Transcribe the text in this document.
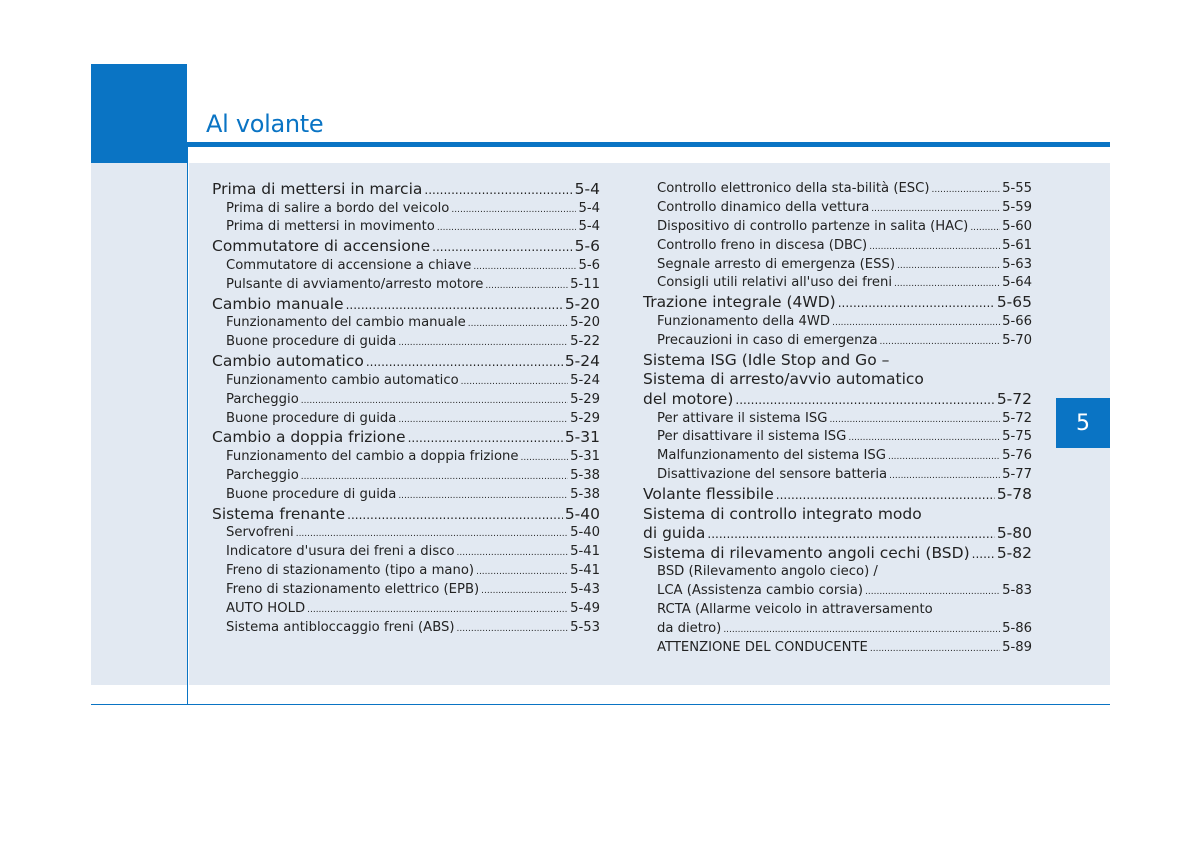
Al volante
5
Prima di mettersi in marcia .....	5-4
Prima di salire a bordo del veicolo .....	5-4
Prima di mettersi in movimento .....	5-4
Commutatore di accensione .....	5-6
Commutatore di accensione a chiave .....	5-6
Pulsante di avviamento/arresto motore .....	5-11
Cambio manuale .....	5-20
Funzionamento del cambio manuale .....	5-20
Buone procedure di guida .....	5-22
Cambio automatico .....	5-24
Funzionamento cambio automatico .....	5-24
Parcheggio .....	5-29
Buone procedure di guida .....	5-29
Cambio a doppia frizione .....	5-31
Funzionamento del cambio a doppia frizione .....	5-31
Parcheggio .....	5-38
Buone procedure di guida .....	5-38
Sistema frenante .....	5-40
Servofreni .....	5-40
Indicatore d'usura dei freni a disco .....	5-41
Freno di stazionamento (tipo a mano) .....	5-41
Freno di stazionamento elettrico (EPB) .....	5-43
AUTO HOLD .....	5-49
Sistema antibloccaggio freni (ABS) .....	5-53
Controllo elettronico della sta-bilità (ESC) .....	5-55
Controllo dinamico della vettura .....	5-59
Dispositivo di controllo partenze in salita (HAC) .....	5-60
Controllo freno in discesa (DBC) .....	5-61
Segnale arresto di emergenza (ESS) .....	5-63
Consigli utili relativi all'uso dei freni .....	5-64
Trazione integrale (4WD) .....	5-65
Funzionamento della 4WD .....	5-66
Precauzioni in caso di emergenza .....	5-70
Sistema ISG (Idle Stop and Go –
Sistema di arresto/avvio automatico
del motore) .....	5-72
Per attivare il sistema ISG .....	5-72
Per disattivare il sistema ISG .....	5-75
Malfunzionamento del sistema ISG .....	5-76
Disattivazione del sensore batteria .....	5-77
Volante flessibile .....	5-78
Sistema di controllo integrato modo
di guida .....	5-80
Sistema di rilevamento angoli cechi (BSD) ..... 5-82
BSD (Rilevamento angolo cieco) /
LCA (Assistenza cambio corsia) .....	5-83
RCTA (Allarme veicolo in attraversamento
da dietro) .....	5-86
ATTENZIONE DEL CONDUCENTE .....	5-89
